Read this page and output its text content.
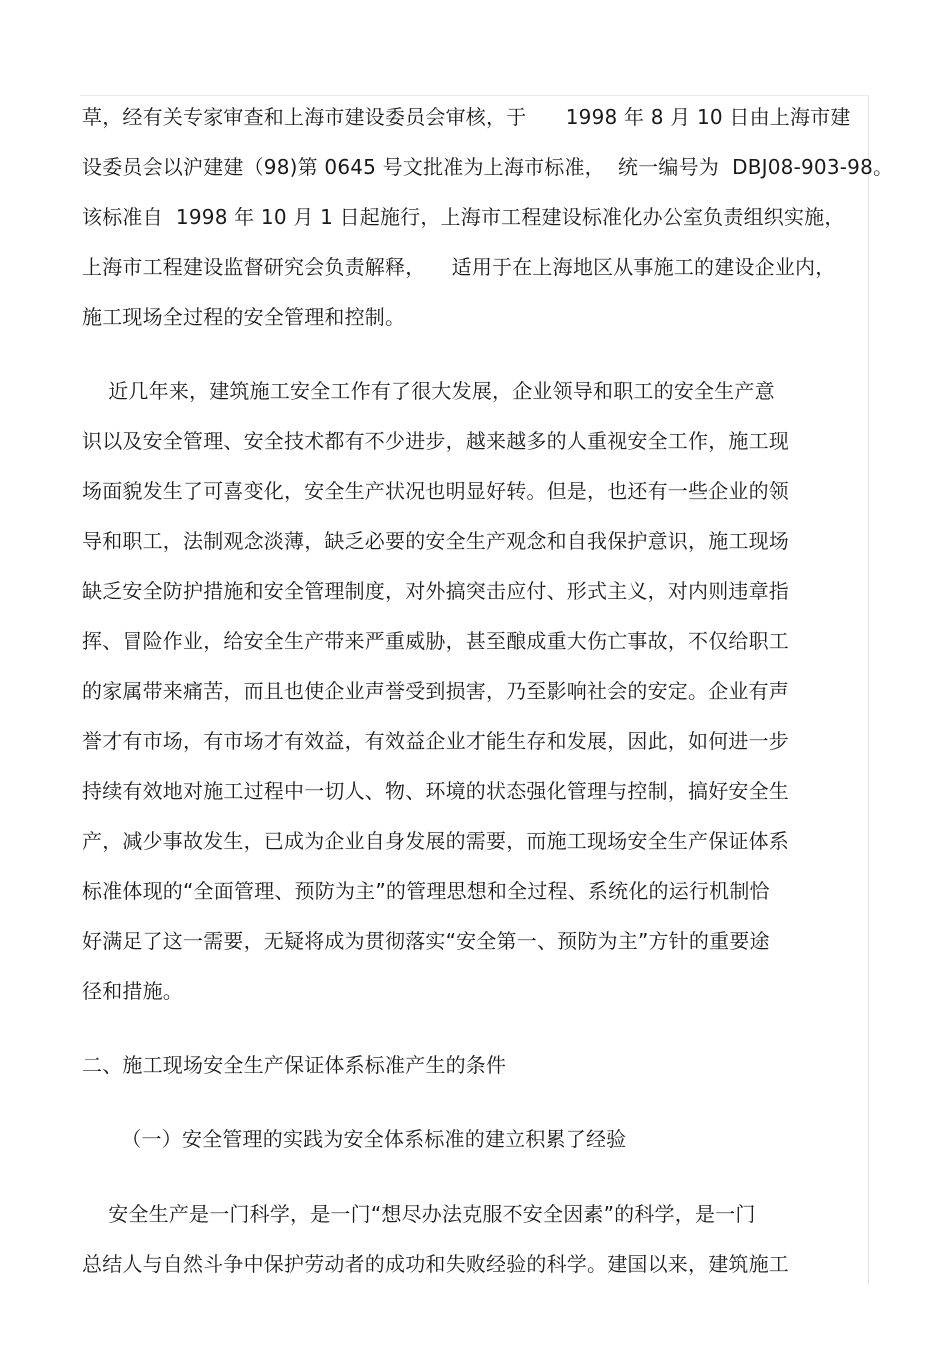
草，经有关专家审查和上海市建设委员会审核，于      1998 年 8 月 10 日由上海市建

设委员会以沪建建（98)第 0645 号文批准为上海市标准，  统一编号为  DBJ08-903-98。

该标准自  1998 年 10 月 1 日起施行，上海市工程建设标准化办公室负责组织实施，

上海市工程建设监督研究会负责解释，    适用于在上海地区从事施工的建设企业内，

施工现场全过程的安全管理和控制。

近几年来，建筑施工安全工作有了很大发展，企业领导和职工的安全生产意

识以及安全管理、安全技术都有不少进步，越来越多的人重视安全工作，施工现

场面貌发生了可喜变化，安全生产状况也明显好转。但是，也还有一些企业的领

导和职工，法制观念淡薄，缺乏必要的安全生产观念和自我保护意识，施工现场

缺乏安全防护措施和安全管理制度，对外搞突击应付、形式主义，对内则违章指

挥、冒险作业，给安全生产带来严重威胁，甚至酿成重大伤亡事故，不仅给职工

的家属带来痛苦，而且也使企业声誉受到损害，乃至影响社会的安定。企业有声

誉才有市场，有市场才有效益，有效益企业才能生存和发展，因此，如何进一步

持续有效地对施工过程中一切人、物、环境的状态强化管理与控制，搞好安全生

产，减少事故发生，已成为企业自身发展的需要，而施工现场安全生产保证体系

标准体现的“全面管理、预防为主”的管理思想和全过程、系统化的运行机制恰

好满足了这一需要，无疑将成为贯彻落实“安全第一、预防为主”方针的重要途

径和措施。

二、施工现场安全生产保证体系标准产生的条件

（一）安全管理的实践为安全体系标准的建立积累了经验

安全生产是一门科学，是一门“想尽办法克服不安全因素”的科学，是一门

总结人与自然斗争中保护劳动者的成功和失败经验的科学。建国以来，建筑施工
